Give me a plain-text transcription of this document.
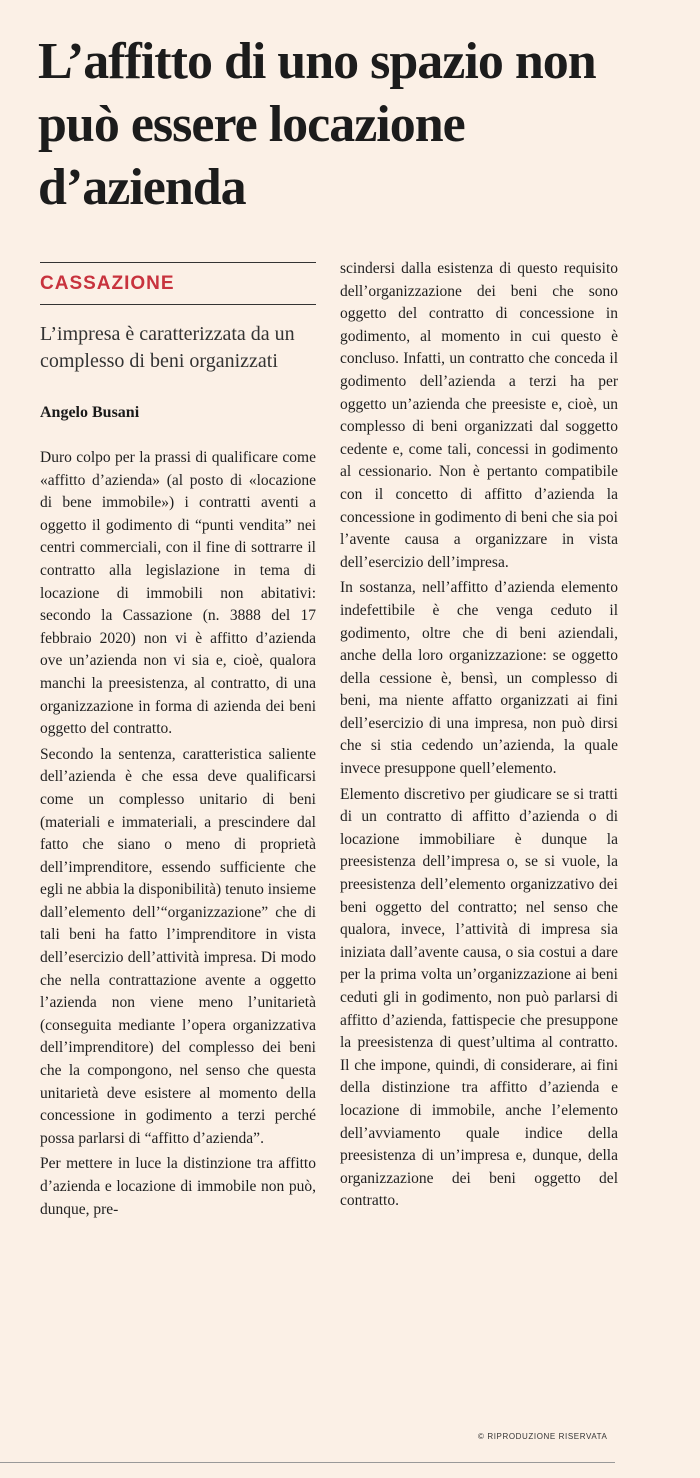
L’affitto di uno spazio non può essere locazione d’azienda
CASSAZIONE

L’impresa è caratterizzata da un complesso di beni organizzati

Angelo Busani

Duro colpo per la prassi di qualificare come «affitto d’azienda» (al posto di «locazione di bene immobile») i contratti aventi a oggetto il godimento di “punti vendita” nei centri commerciali, con il fine di sottrarre il contratto alla legislazione in tema di locazione di immobili non abitativi: secondo la Cassazione (n. 3888 del 17 febbraio 2020) non vi è affitto d’azienda ove un’azienda non vi sia e, cioè, qualora manchi la preesistenza, al contratto, di una organizzazione in forma di azienda dei beni oggetto del contratto.

Secondo la sentenza, caratteristica saliente dell’azienda è che essa deve qualificarsi come un complesso unitario di beni (materiali e immateriali, a prescindere dal fatto che siano o meno di proprietà dell’imprenditore, essendo sufficiente che egli ne abbia la disponibilità) tenuto insieme dall’elemento dell’“organizzazione” che di tali beni ha fatto l’imprenditore in vista dell’esercizio dell’attività impresa. Di modo che nella contrattazione avente a oggetto l’azienda non viene meno l’unitarietà (conseguita mediante l’opera organizzativa dell’imprenditore) del complesso dei beni che la compongono, nel senso che questa unitarietà deve esistere al momento della concessione in godimento a terzi perché possa parlarsi di “affitto d’azienda”.

Per mettere in luce la distinzione tra affitto d’azienda e locazione di immobile non può, dunque, pre-

scindersi dalla esistenza di questo requisito dell’organizzazione dei beni che sono oggetto del contratto di concessione in godimento, al momento in cui questo è concluso. Infatti, un contratto che conceda il godimento dell’azienda a terzi ha per oggetto un’azienda che preesiste e, cioè, un complesso di beni organizzati dal soggetto cedente e, come tali, concessi in godimento al cessionario. Non è pertanto compatibile con il concetto di affitto d’azienda la concessione in godimento di beni che sia poi l’avente causa a organizzare in vista dell’esercizio dell’impresa.

In sostanza, nell’affitto d’azienda elemento indefettibile è che venga ceduto il godimento, oltre che di beni aziendali, anche della loro organizzazione: se oggetto della cessione è, bensì, un complesso di beni, ma niente affatto organizzati ai fini dell’esercizio di una impresa, non può dirsi che si stia cedendo un’azienda, la quale invece presuppone quell’elemento.

Elemento discretivo per giudicare se si tratti di un contratto di affitto d’azienda o di locazione immobiliare è dunque la preesistenza dell’impresa o, se si vuole, la preesistenza dell’elemento organizzativo dei beni oggetto del contratto; nel senso che qualora, invece, l’attività di impresa sia iniziata dall’avente causa, o sia costui a dare per la prima volta un’organizzazione ai beni ceduti gli in godimento, non può parlarsi di affitto d’azienda, fattispecie che presuppone la preesistenza di quest’ultima al contratto. Il che impone, quindi, di considerare, ai fini della distinzione tra affitto d’azienda e locazione di immobile, anche l’elemento dell’avviamento quale indice della preesistenza di un’impresa e, dunque, della organizzazione dei beni oggetto del contratto.

© RIPRODUZIONE RISERVATA
